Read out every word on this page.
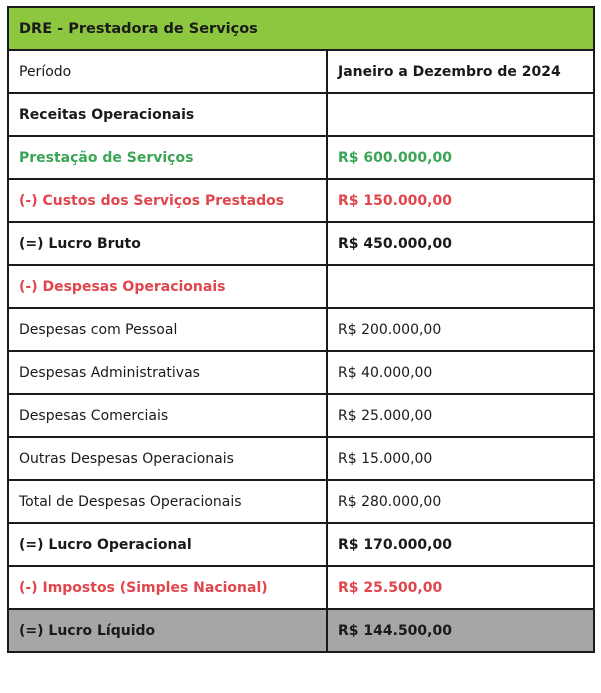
DRE - Prestadora de Serviços	
Período	Janeiro a Dezembro de 2024
Receitas Operacionais	
Prestação de Serviços	R$ 600.000,00
(-) Custos dos Serviços Prestados	R$ 150.000,00
(=) Lucro Bruto	R$ 450.000,00
(-) Despesas Operacionais	
Despesas com Pessoal	R$ 200.000,00
Despesas Administrativas	R$ 40.000,00
Despesas Comerciais	R$ 25.000,00
Outras Despesas Operacionais	R$ 15.000,00
Total de Despesas Operacionais	R$ 280.000,00
(=) Lucro Operacional	R$ 170.000,00
(-) Impostos (Simples Nacional)	R$ 25.500,00
(=) Lucro Líquido	R$ 144.500,00
